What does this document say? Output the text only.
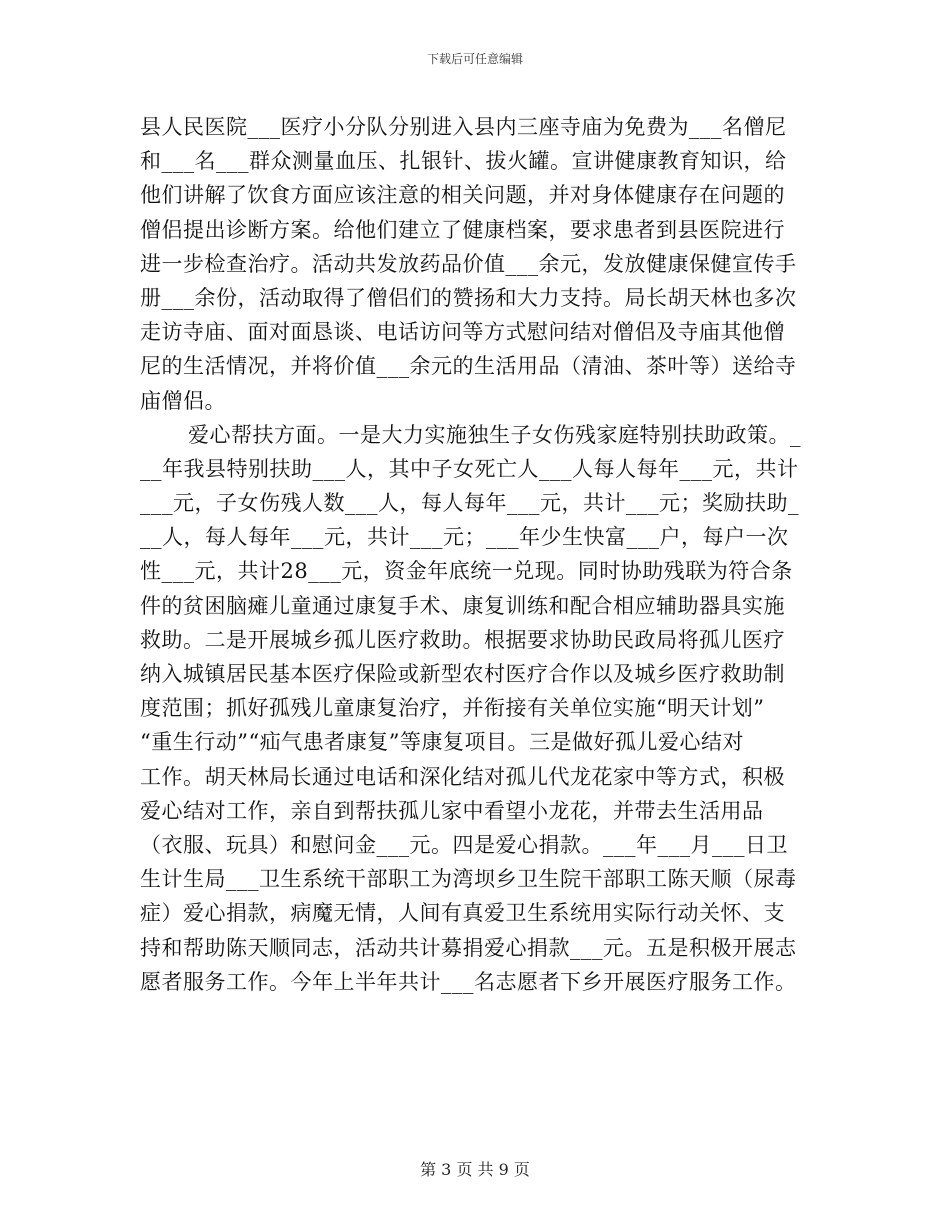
下载后可任意编辑
县人民医院___医疗小分队分别进入县内三座寺庙为免费为___名僧尼
和___名___群众测量血压、扎银针、拔火罐。宣讲健康教育知识，给
他们讲解了饮食方面应该注意的相关问题，并对身体健康存在问题的
僧侣提出诊断方案。给他们建立了健康档案，要求患者到县医院进行
进一步检查治疗。活动共发放药品价值___余元，发放健康保健宣传手
册___余份，活动取得了僧侣们的赞扬和大力支持。局长胡天林也多次
走访寺庙、面对面恳谈、电话访问等方式慰问结对僧侣及寺庙其他僧
尼的生活情况，并将价值___余元的生活用品（清油、茶叶等）送给寺
庙僧侣。
爱心帮扶方面。一是大力实施独生子女伤残家庭特别扶助政策。_
__年我县特别扶助___人，其中子女死亡人___人每人每年___元，共计
___元，子女伤残人数___人，每人每年___元，共计___元；奖励扶助_
__人，每人每年___元，共计___元；___年少生快富___户，每户一次
性___元，共计28___元，资金年底统一兑现。同时协助残联为符合条
件的贫困脑瘫儿童通过康复手术、康复训练和配合相应辅助器具实施
救助。二是开展城乡孤儿医疗救助。根据要求协助民政局将孤儿医疗
纳入城镇居民基本医疗保险或新型农村医疗合作以及城乡医疗救助制
度范围；抓好孤残儿童康复治疗，并衔接有关单位实施“明天计划”
“重生行动”“疝气患者康复”等康复项目。三是做好孤儿爱心结对
工作。胡天林局长通过电话和深化结对孤儿代龙花家中等方式，积极
爱心结对工作，亲自到帮扶孤儿家中看望小龙花，并带去生活用品
（衣服、玩具）和慰问金___元。四是爱心捐款。___年___月___日卫
生计生局___卫生系统干部职工为湾坝乡卫生院干部职工陈天顺（尿毒
症）爱心捐款，病魔无情，人间有真爱卫生系统用实际行动关怀、支
持和帮助陈天顺同志，活动共计募捐爱心捐款___元。五是积极开展志
愿者服务工作。今年上半年共计___名志愿者下乡开展医疗服务工作。
第 3 页 共 9 页
